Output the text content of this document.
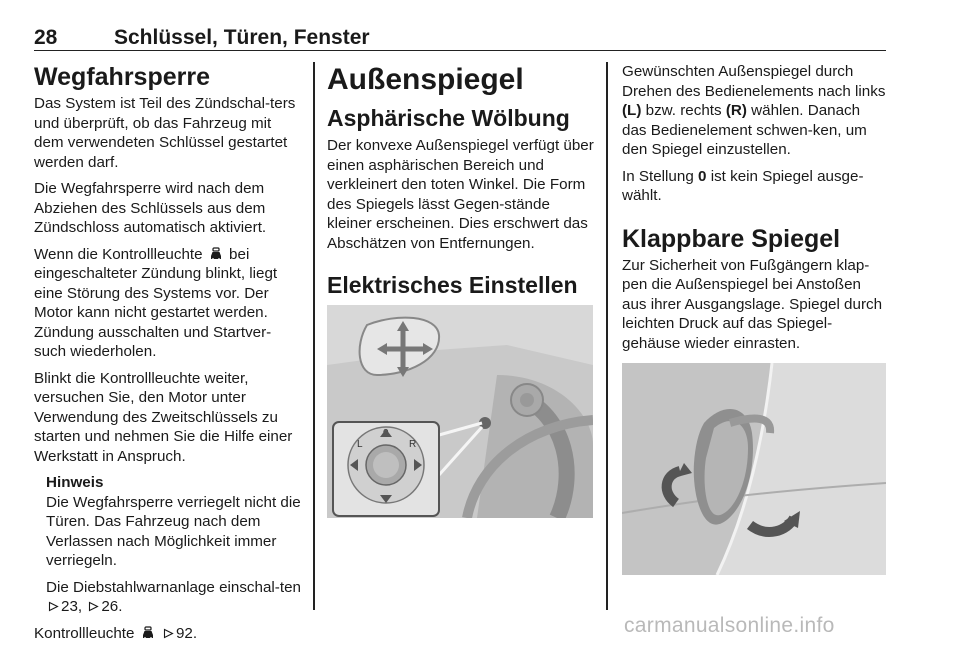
28	Schlüssel, Türen, Fenster
Wegfahrsperre

Das System ist Teil des Zündschal-ters und überprüft, ob das Fahrzeug mit dem verwendeten Schlüssel gestartet werden darf.

Die Wegfahrsperre wird nach dem Abziehen des Schlüssels aus dem Zündschloss automatisch aktiviert.

Wenn die Kontrollleuchte bei eingeschalteter Zündung blinkt, liegt eine Störung des Systems vor. Der Motor kann nicht gestartet werden. Zündung ausschalten und Startver-such wiederholen.

Blinkt die Kontrollleuchte weiter, versuchen Sie, den Motor unter Verwendung des Zweitschlüssels zu starten und nehmen Sie die Hilfe einer Werkstatt in Anspruch.

Hinweis

Die Wegfahrsperre verriegelt nicht die Türen. Das Fahrzeug nach dem Verlassen nach Möglichkeit immer verriegeln.

Die Diebstahlwarnanlage einschal-ten 23, 26.

Kontrollleuchte	92.

Außenspiegel
Asphärische Wölbung

Der konvexe Außenspiegel verfügt über einen asphärischen Bereich und verkleinert den toten Winkel. Die Form des Spiegels lässt Gegen-stände kleiner erscheinen. Dies erschwert das Abschätzen von Entfernungen.

Elektrisches Einstellen
L	R

Gewünschten Außenspiegel durch Drehen des Bedienelements nach links (L) bzw. rechts (R) wählen. Danach das Bedienelement schwen-ken, um den Spiegel einzustellen.

In Stellung 0 ist kein Spiegel ausge-wählt.

Klappbare Spiegel

Zur Sicherheit von Fußgängern klap-pen die Außenspiegel bei Anstoßen aus ihrer Ausgangslage. Spiegel durch leichten Druck auf das Spiegel-gehäuse wieder einrasten.

carmanualsonline.info
